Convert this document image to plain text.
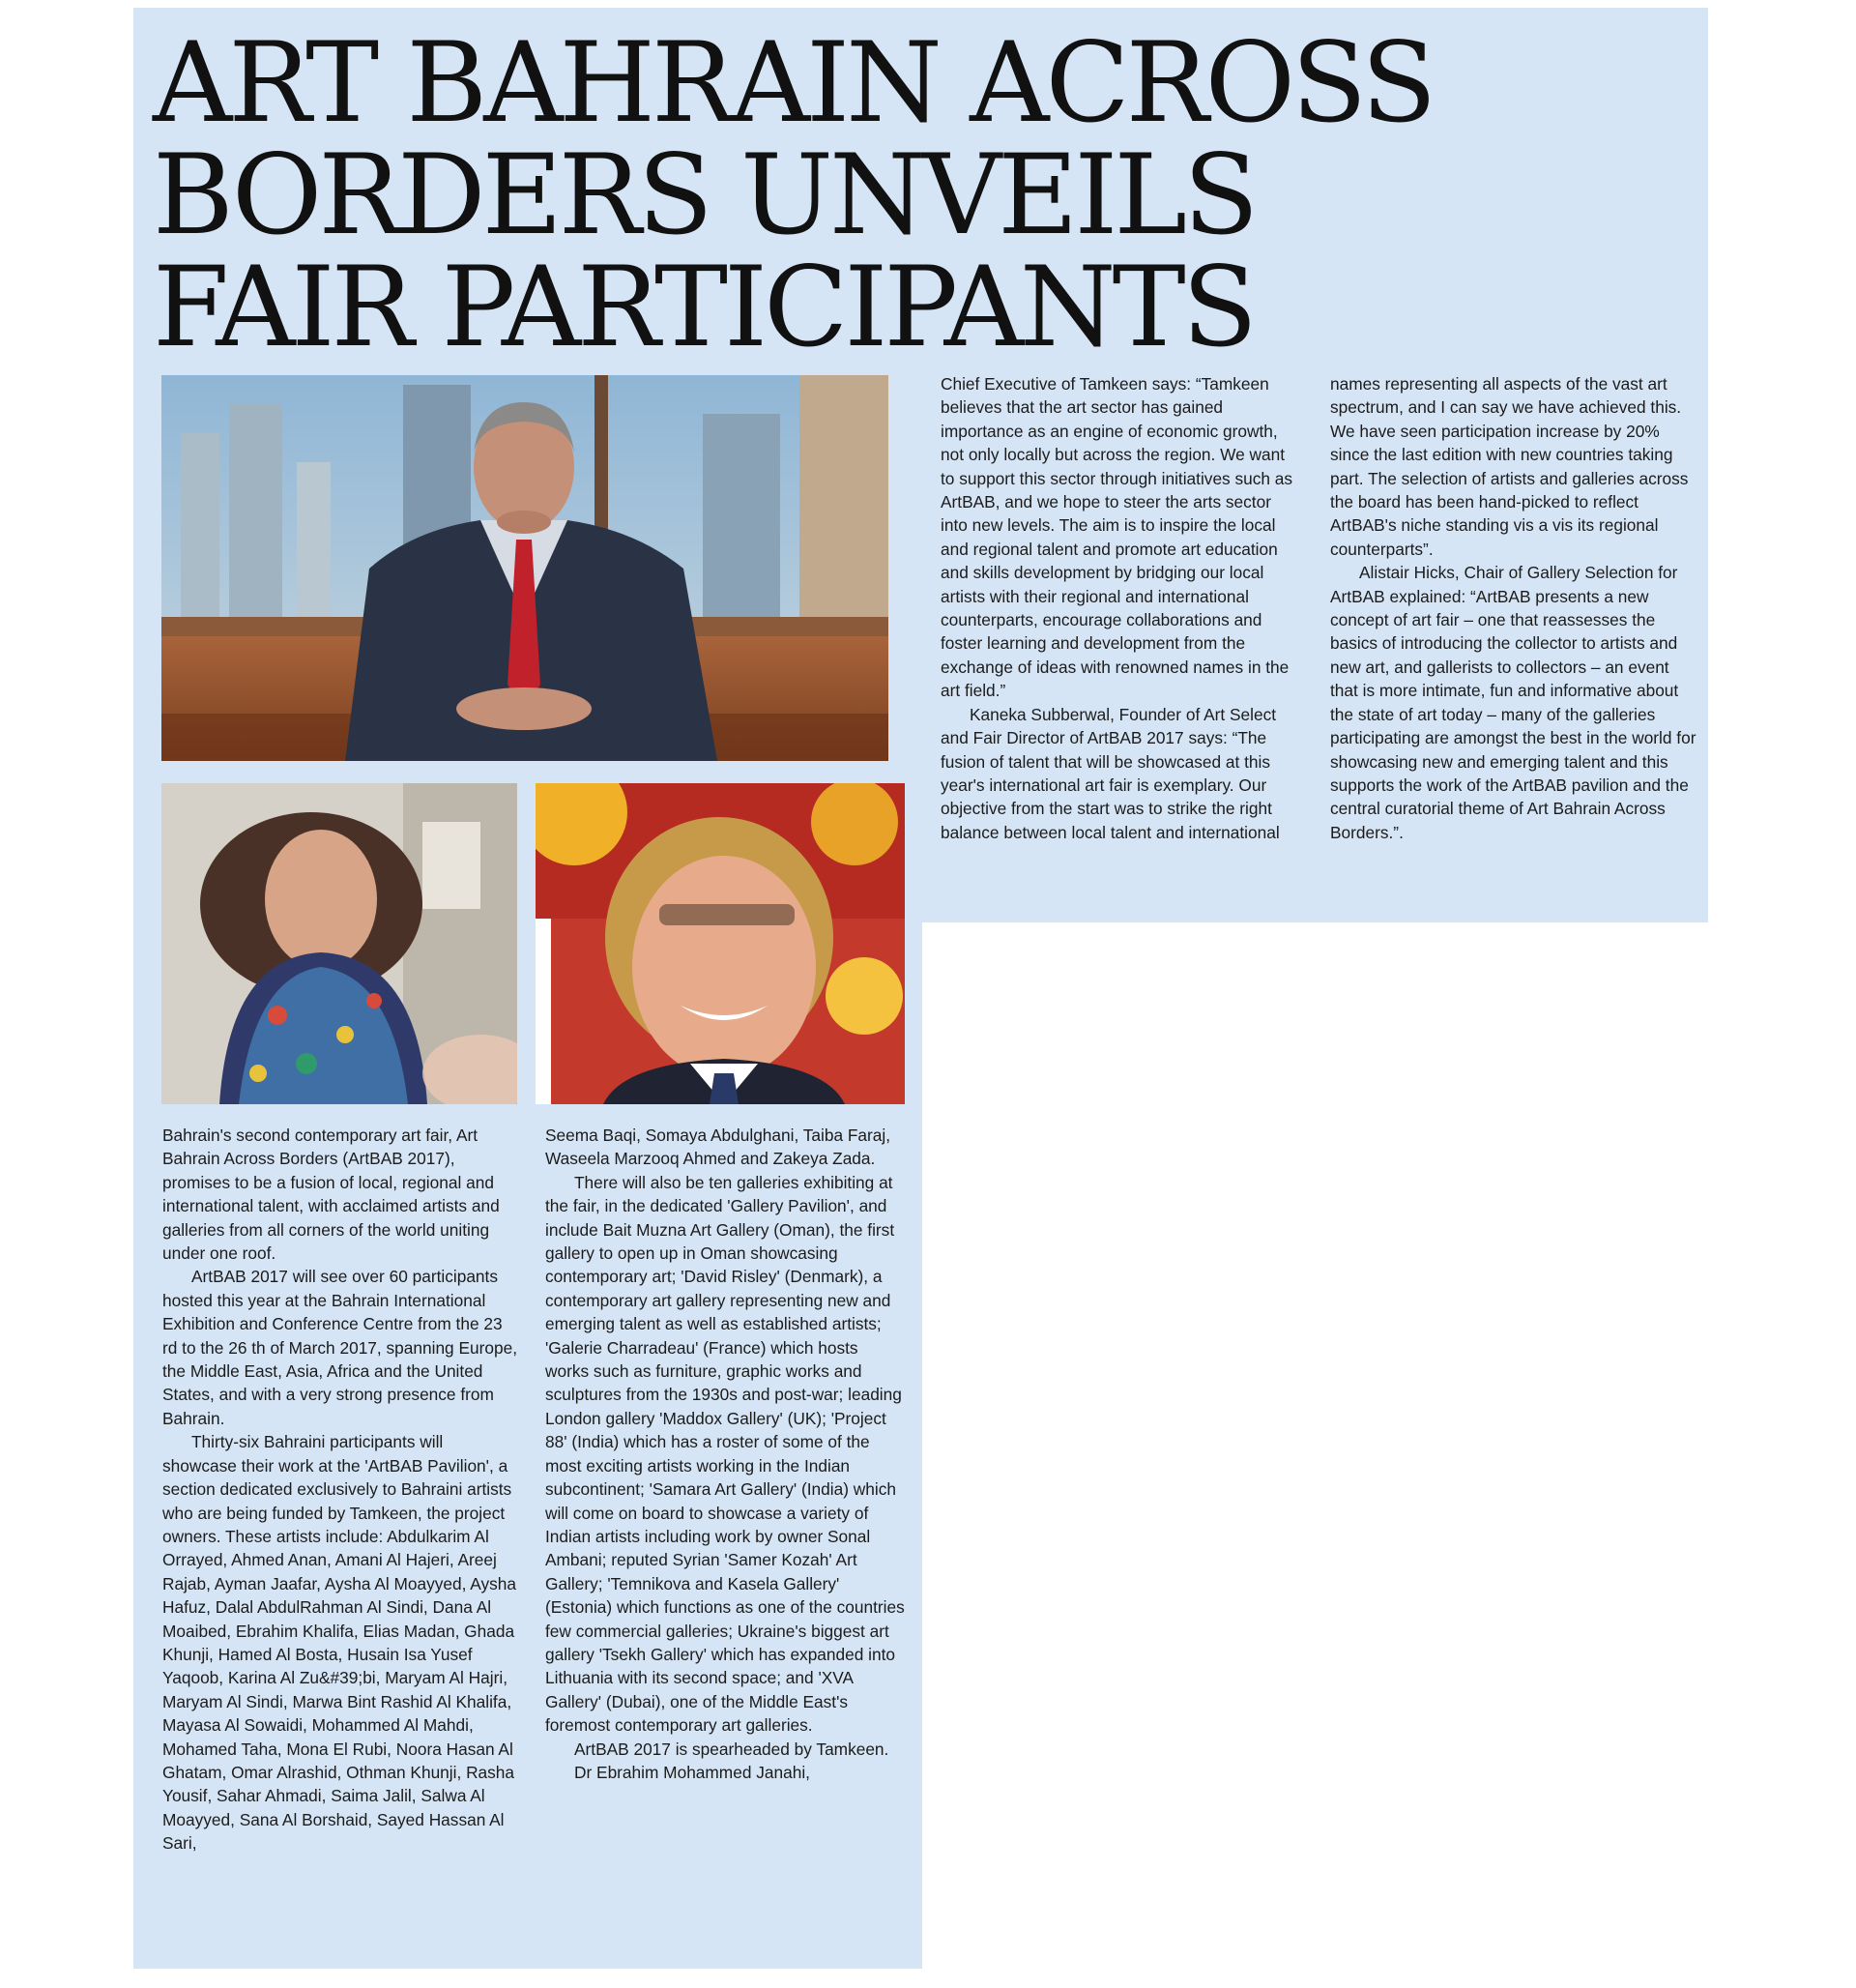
ART BAHRAIN ACROSS
BORDERS UNVEILS
FAIR PARTICIPANTS

Bahrain's second contemporary art fair, Art Bahrain Across Borders (ArtBAB 2017), promises to be a fusion of local, regional and international talent, with acclaimed artists and galleries from all corners of the world uniting under one roof.

ArtBAB 2017 will see over 60 participants hosted this year at the Bahrain International Exhibition and Conference Centre from the 23 rd to the 26 th of March 2017, spanning Europe, the Middle East, Asia, Africa and the United States, and with a very strong presence from Bahrain.

Thirty-six Bahraini participants will showcase their work at the 'ArtBAB Pavilion', a section dedicated exclusively to Bahraini artists who are being funded by Tamkeen, the project owners. These artists include: Abdulkarim Al Orrayed, Ahmed Anan, Amani Al Hajeri, Areej Rajab, Ayman Jaafar, Aysha Al Moayyed, Aysha Hafuz, Dalal AbdulRahman Al Sindi, Dana Al Moaibed, Ebrahim Khalifa, Elias Madan, Ghada Khunji, Hamed Al Bosta, Husain Isa Yusef Yaqoob, Karina Al Zu&#39;bi, Maryam Al Hajri, Maryam Al Sindi, Marwa Bint Rashid Al Khalifa, Mayasa Al Sowaidi, Mohammed Al Mahdi, Mohamed Taha, Mona El Rubi, Noora Hasan Al Ghatam, Omar Alrashid, Othman Khunji, Rasha Yousif, Sahar Ahmadi, Saima Jalil, Salwa Al Moayyed, Sana Al Borshaid, Sayed Hassan Al Sari,

Seema Baqi, Somaya Abdulghani, Taiba Faraj, Waseela Marzooq Ahmed and Zakeya Zada.

There will also be ten galleries exhibiting at the fair, in the dedicated 'Gallery Pavilion', and include Bait Muzna Art Gallery (Oman), the first gallery to open up in Oman showcasing contemporary art; 'David Risley' (Denmark), a contemporary art gallery representing new and emerging talent as well as established artists; 'Galerie Charradeau' (France) which hosts works such as furniture, graphic works and sculptures from the 1930s and post-war; leading London gallery 'Maddox Gallery' (UK); 'Project 88' (India) which has a roster of some of the most exciting artists working in the Indian subcontinent; 'Samara Art Gallery' (India) which will come on board to showcase a variety of Indian artists including work by owner Sonal Ambani; reputed Syrian 'Samer Kozah' Art Gallery; 'Temnikova and Kasela Gallery' (Estonia) which functions as one of the countries few commercial galleries; Ukraine's biggest art gallery 'Tsekh Gallery' which has expanded into Lithuania with its second space; and 'XVA Gallery' (Dubai), one of the Middle East's foremost contemporary art galleries.

ArtBAB 2017 is spearheaded by Tamkeen.

Dr Ebrahim Mohammed Janahi,

Chief Executive of Tamkeen says: “Tamkeen believes that the art sector has gained importance as an engine of economic growth, not only locally but across the region. We want to support this sector through initiatives such as ArtBAB, and we hope to steer the arts sector into new levels. The aim is to inspire the local and regional talent and promote art education and skills development by bridging our local artists with their regional and international counterparts, encourage collaborations and foster learning and development from the exchange of ideas with renowned names in the art field.”

Kaneka Subberwal, Founder of Art Select and Fair Director of ArtBAB 2017 says: “The fusion of talent that will be showcased at this year's international art fair is exemplary. Our objective from the start was to strike the right balance between local talent and international

names representing all aspects of the vast art spectrum, and I can say we have achieved this. We have seen participation increase by 20% since the last edition with new countries taking part. The selection of artists and galleries across the board has been hand-picked to reflect ArtBAB's niche standing vis a vis its regional counterparts”.

Alistair Hicks, Chair of Gallery Selection for ArtBAB explained: “ArtBAB presents a new concept of art fair – one that reassesses the basics of introducing the collector to artists and new art, and gallerists to collectors – an event that is more intimate, fun and informative about the state of art today – many of the galleries participating are amongst the best in the world for showcasing new and emerging talent and this supports the work of the ArtBAB pavilion and the central curatorial theme of Art Bahrain Across Borders.”.
